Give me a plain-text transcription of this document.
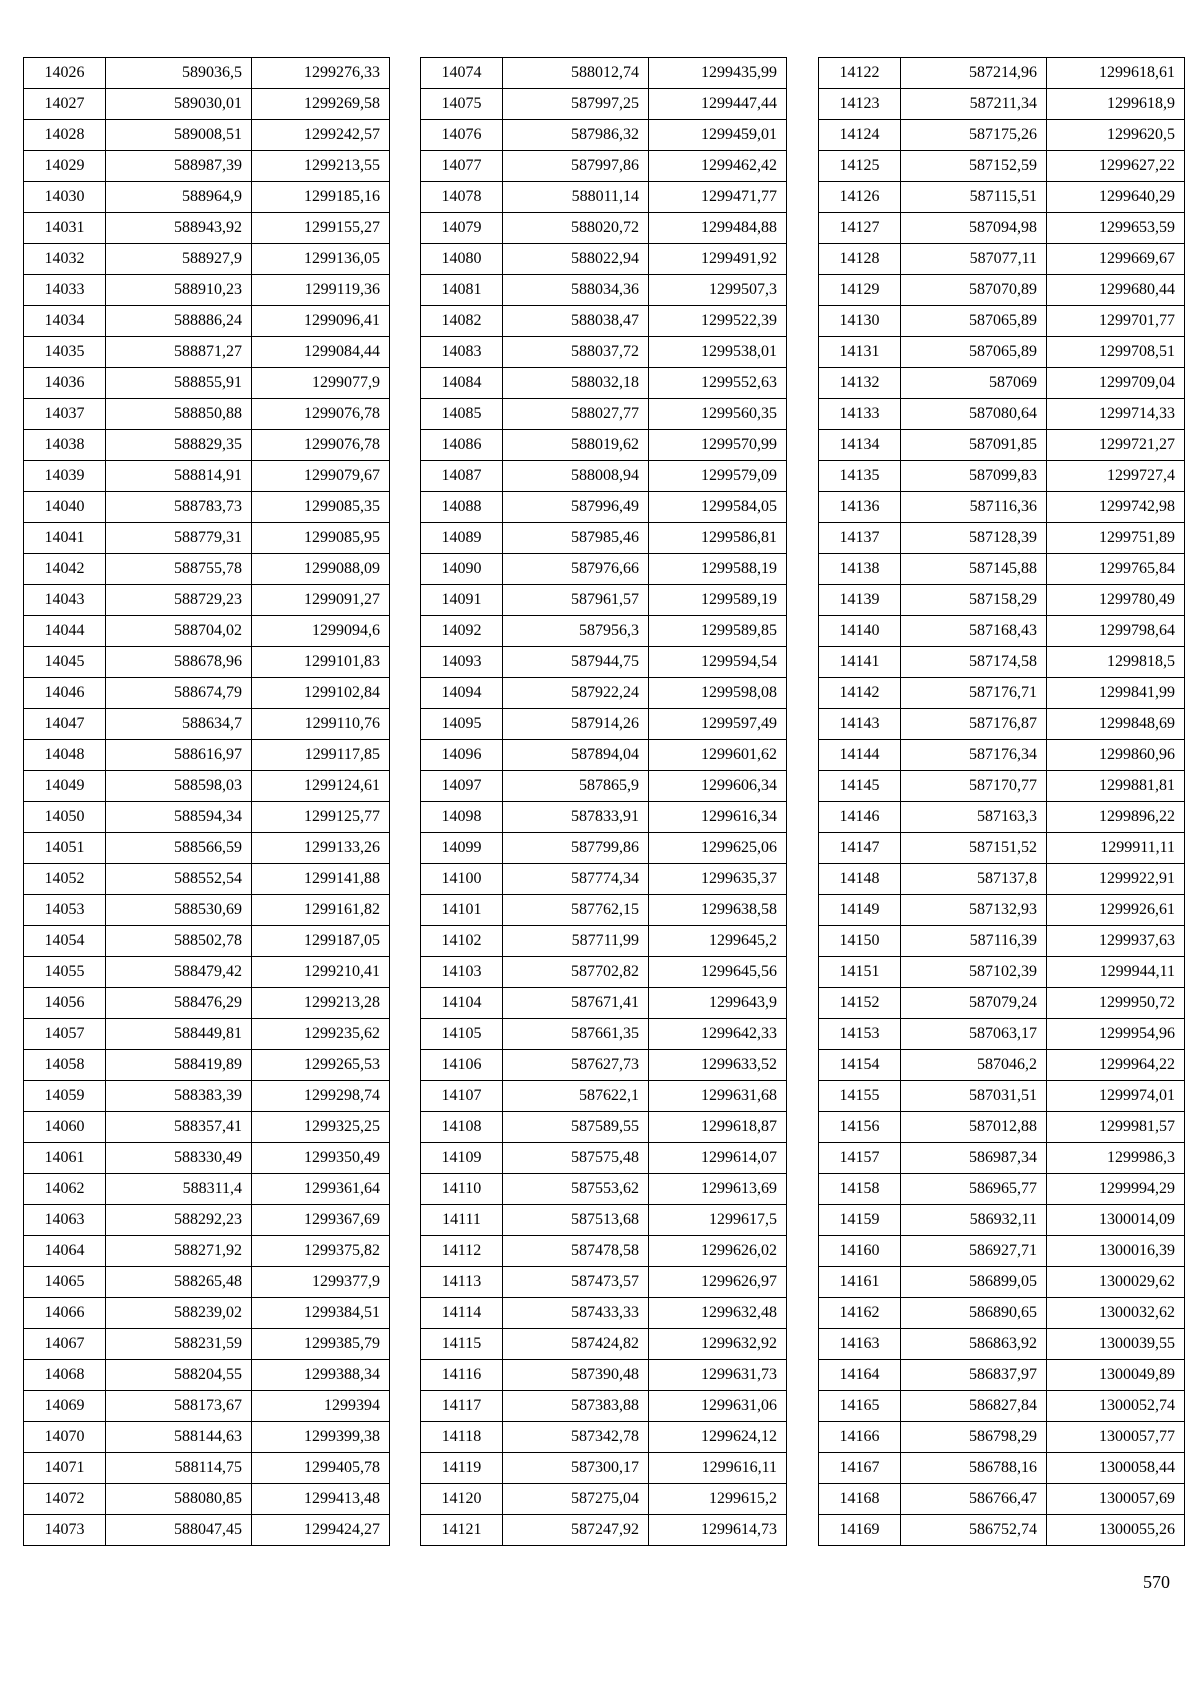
14026	589036,5	1299276,33
14027	589030,01	1299269,58
14028	589008,51	1299242,57
14029	588987,39	1299213,55
14030	588964,9	1299185,16
14031	588943,92	1299155,27
14032	588927,9	1299136,05
14033	588910,23	1299119,36
14034	588886,24	1299096,41
14035	588871,27	1299084,44
14036	588855,91	1299077,9
14037	588850,88	1299076,78
14038	588829,35	1299076,78
14039	588814,91	1299079,67
14040	588783,73	1299085,35
14041	588779,31	1299085,95
14042	588755,78	1299088,09
14043	588729,23	1299091,27
14044	588704,02	1299094,6
14045	588678,96	1299101,83
14046	588674,79	1299102,84
14047	588634,7	1299110,76
14048	588616,97	1299117,85
14049	588598,03	1299124,61
14050	588594,34	1299125,77
14051	588566,59	1299133,26
14052	588552,54	1299141,88
14053	588530,69	1299161,82
14054	588502,78	1299187,05
14055	588479,42	1299210,41
14056	588476,29	1299213,28
14057	588449,81	1299235,62
14058	588419,89	1299265,53
14059	588383,39	1299298,74
14060	588357,41	1299325,25
14061	588330,49	1299350,49
14062	588311,4	1299361,64
14063	588292,23	1299367,69
14064	588271,92	1299375,82
14065	588265,48	1299377,9
14066	588239,02	1299384,51
14067	588231,59	1299385,79
14068	588204,55	1299388,34
14069	588173,67	1299394
14070	588144,63	1299399,38
14071	588114,75	1299405,78
14072	588080,85	1299413,48
14073	588047,45	1299424,27
14074	588012,74	1299435,99
14075	587997,25	1299447,44
14076	587986,32	1299459,01
14077	587997,86	1299462,42
14078	588011,14	1299471,77
14079	588020,72	1299484,88
14080	588022,94	1299491,92
14081	588034,36	1299507,3
14082	588038,47	1299522,39
14083	588037,72	1299538,01
14084	588032,18	1299552,63
14085	588027,77	1299560,35
14086	588019,62	1299570,99
14087	588008,94	1299579,09
14088	587996,49	1299584,05
14089	587985,46	1299586,81
14090	587976,66	1299588,19
14091	587961,57	1299589,19
14092	587956,3	1299589,85
14093	587944,75	1299594,54
14094	587922,24	1299598,08
14095	587914,26	1299597,49
14096	587894,04	1299601,62
14097	587865,9	1299606,34
14098	587833,91	1299616,34
14099	587799,86	1299625,06
14100	587774,34	1299635,37
14101	587762,15	1299638,58
14102	587711,99	1299645,2
14103	587702,82	1299645,56
14104	587671,41	1299643,9
14105	587661,35	1299642,33
14106	587627,73	1299633,52
14107	587622,1	1299631,68
14108	587589,55	1299618,87
14109	587575,48	1299614,07
14110	587553,62	1299613,69
14111	587513,68	1299617,5
14112	587478,58	1299626,02
14113	587473,57	1299626,97
14114	587433,33	1299632,48
14115	587424,82	1299632,92
14116	587390,48	1299631,73
14117	587383,88	1299631,06
14118	587342,78	1299624,12
14119	587300,17	1299616,11
14120	587275,04	1299615,2
14121	587247,92	1299614,73
14122	587214,96	1299618,61
14123	587211,34	1299618,9
14124	587175,26	1299620,5
14125	587152,59	1299627,22
14126	587115,51	1299640,29
14127	587094,98	1299653,59
14128	587077,11	1299669,67
14129	587070,89	1299680,44
14130	587065,89	1299701,77
14131	587065,89	1299708,51
14132	587069	1299709,04
14133	587080,64	1299714,33
14134	587091,85	1299721,27
14135	587099,83	1299727,4
14136	587116,36	1299742,98
14137	587128,39	1299751,89
14138	587145,88	1299765,84
14139	587158,29	1299780,49
14140	587168,43	1299798,64
14141	587174,58	1299818,5
14142	587176,71	1299841,99
14143	587176,87	1299848,69
14144	587176,34	1299860,96
14145	587170,77	1299881,81
14146	587163,3	1299896,22
14147	587151,52	1299911,11
14148	587137,8	1299922,91
14149	587132,93	1299926,61
14150	587116,39	1299937,63
14151	587102,39	1299944,11
14152	587079,24	1299950,72
14153	587063,17	1299954,96
14154	587046,2	1299964,22
14155	587031,51	1299974,01
14156	587012,88	1299981,57
14157	586987,34	1299986,3
14158	586965,77	1299994,29
14159	586932,11	1300014,09
14160	586927,71	1300016,39
14161	586899,05	1300029,62
14162	586890,65	1300032,62
14163	586863,92	1300039,55
14164	586837,97	1300049,89
14165	586827,84	1300052,74
14166	586798,29	1300057,77
14167	586788,16	1300058,44
14168	586766,47	1300057,69
14169	586752,74	1300055,26
570
